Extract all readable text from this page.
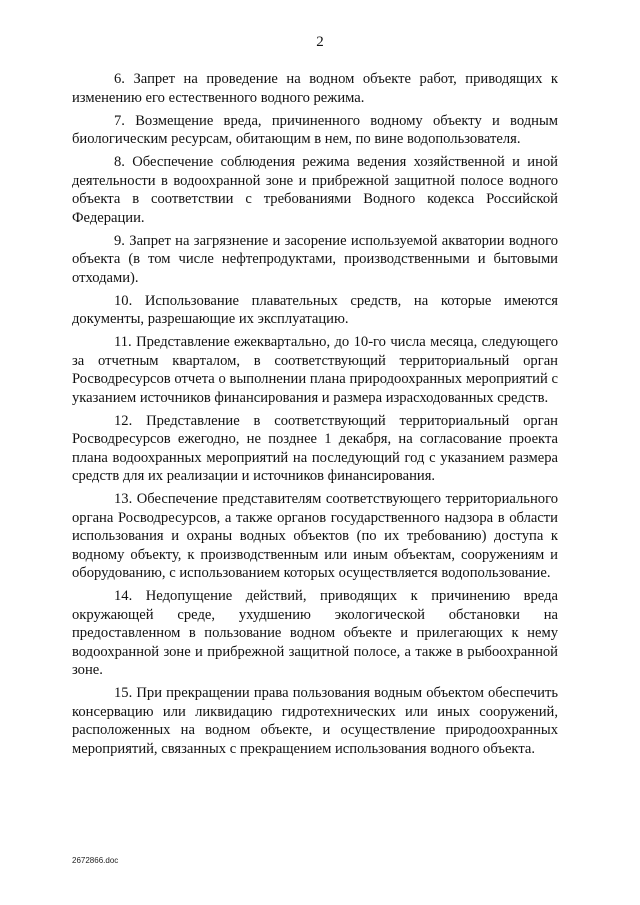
2

6. Запрет на проведение на водном объекте работ, приводящих к изменению его естественного водного режима.

7. Возмещение вреда, причиненного водному объекту и водным биологическим ресурсам, обитающим в нем, по вине водопользователя.

8. Обеспечение соблюдения режима ведения хозяйственной и иной деятельности в водоохранной зоне и прибрежной защитной полосе водного объекта в соответствии с требованиями Водного кодекса Российской Федерации.

9. Запрет на загрязнение и засорение используемой акватории водного объекта (в том числе нефтепродуктами, производственными и бытовыми отходами).

10. Использование плавательных средств, на которые имеются документы, разрешающие их эксплуатацию.

11. Представление ежеквартально, до 10-го числа месяца, следующего за отчетным кварталом, в соответствующий территориальный орган Росводресурсов отчета о выполнении плана природоохранных мероприятий с указанием источников финансирования и размера израсходованных средств.

12. Представление в соответствующий территориальный орган Росводресурсов ежегодно, не позднее 1 декабря, на согласование проекта плана водоохранных мероприятий на последующий год с указанием размера средств для их реализации и источников финансирования.

13. Обеспечение представителям соответствующего территориального органа Росводресурсов, а также органов государственного надзора в области использования и охраны водных объектов (по их требованию) доступа к водному объекту, к производственным или иным объектам, сооружениям и оборудованию, с использованием которых осуществляется водопользование.

14. Недопущение действий, приводящих к причинению вреда окружающей среде, ухудшению экологической обстановки на предоставленном в пользование водном объекте и прилегающих к нему водоохранной зоне и прибрежной защитной полосе, а также в рыбоохранной зоне.

15. При прекращении права пользования водным объектом обеспечить консервацию или ликвидацию гидротехнических или иных сооружений, расположенных на водном объекте, и осуществление природоохранных мероприятий, связанных с прекращением использования водного объекта.

2672866.doc
